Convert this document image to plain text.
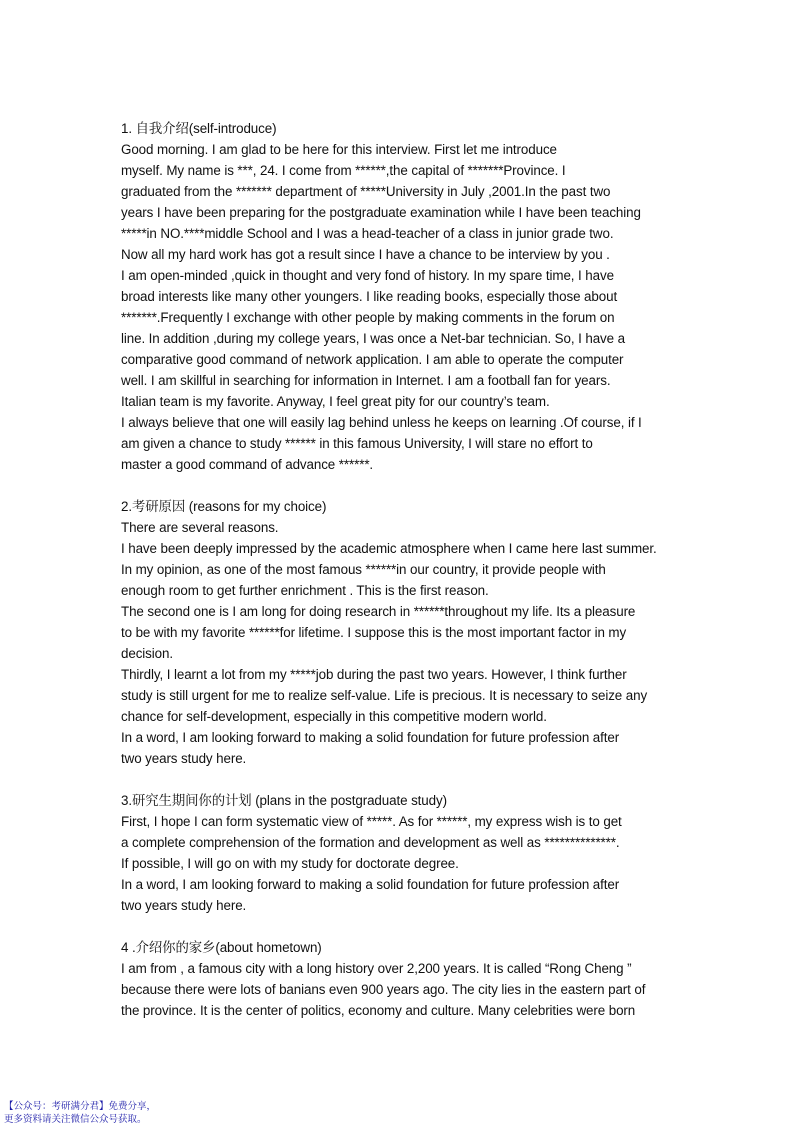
1. 自我介绍(self-introduce)

Good morning. I am glad to be here for this interview. First let me introduce
myself. My name is ***, 24. I come from ******,the capital of *******Province. I
graduated from the ******* department of *****University in July ,2001.In the past two
years I have been preparing for the postgraduate examination while I have been teaching
*****in NO.****middle School and I was a head-teacher of a class in junior grade two.
Now all my hard work has got a result since I have a chance to be interview by you .
I am open-minded ,quick in thought and very fond of history. In my spare time, I have
broad interests like many other youngers. I like reading books, especially those about
*******.Frequently I exchange with other people by making comments in the forum on
line. In addition ,during my college years, I was once a Net-bar technician. So, I have a
comparative good command of network application. I am able to operate the computer
well. I am skillful in searching for information in Internet. I am a football fan for years.
Italian team is my favorite. Anyway, I feel great pity for our country’s team.
I always believe that one will easily lag behind unless he keeps on learning .Of course, if I
am given a chance to study ****** in this famous University, I will stare no effort to
master a good command of advance ******.

2.考研原因 (reasons for my choice)

There are several reasons.
I have been deeply impressed by the academic atmosphere when I came here last summer.
In my opinion, as one of the most famous ******in our country, it provide people with
enough room to get further enrichment . This is the first reason.
The second one is I am long for doing research in ******throughout my life. Its a pleasure
to be with my favorite ******for lifetime. I suppose this is the most important factor in my
decision.
Thirdly, I learnt a lot from my *****job during the past two years. However, I think further
study is still urgent for me to realize self-value. Life is precious. It is necessary to seize any
chance for self-development, especially in this competitive modern world.
In a word, I am looking forward to making a solid foundation for future profession after
two years study here.

3.研究生期间你的计划 (plans in the postgraduate study)

First, I hope I can form systematic view of *****. As for ******, my express wish is to get
a complete comprehension of the formation and development as well as **************.
If possible, I will go on with my study for doctorate degree.
In a word, I am looking forward to making a solid foundation for future profession after
two years study here.

4 .介绍你的家乡(about hometown)

I am from , a famous city with a long history over 2,200 years. It is called “Rong Cheng ”
because there were lots of banians even 900 years ago. The city lies in the eastern part of
the province. It is the center of politics, economy and culture. Many celebrities were born
【公众号：考研满分君】免费分享，
更多资料请关注微信公众号获取。
